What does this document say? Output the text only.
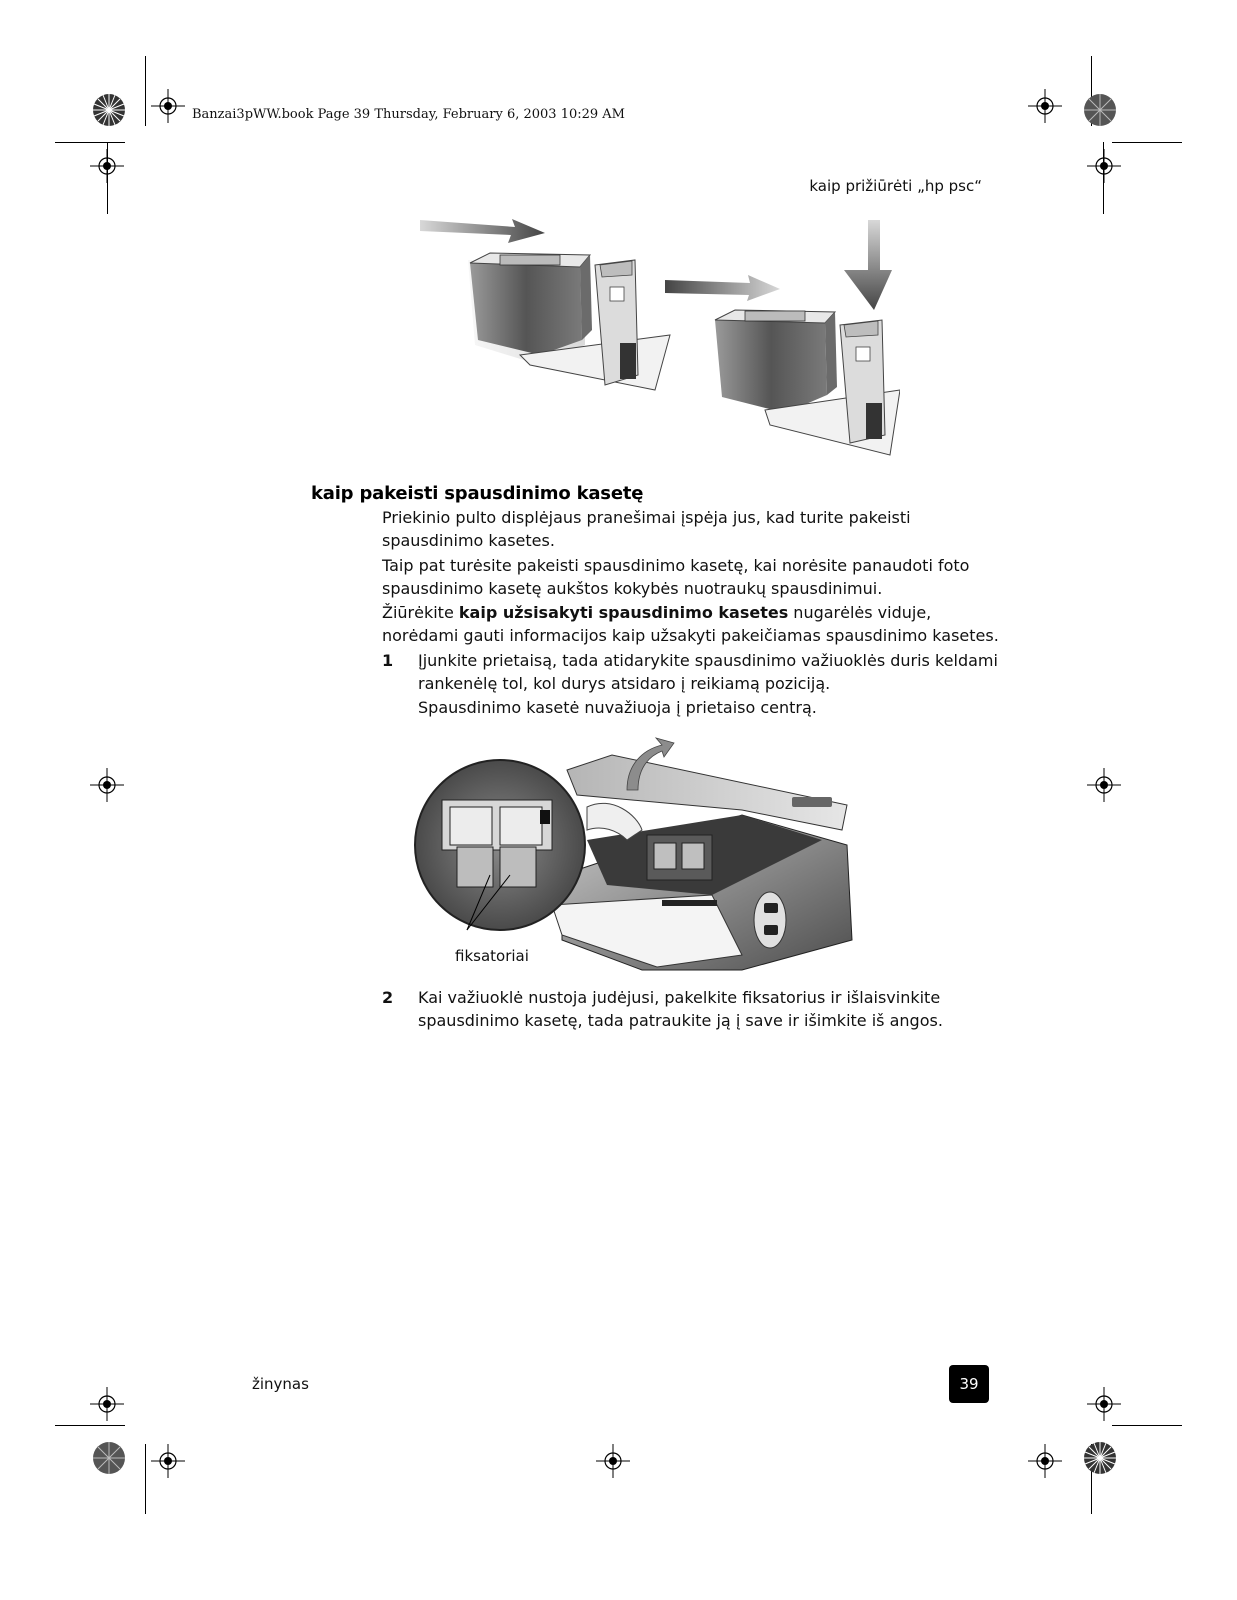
Banzai3pWW.book Page 39 Thursday, February 6, 2003 10:29 AM
kaip prižiūrėti „hp psc“
kaip pakeisti spausdinimo kasetę
Priekinio pulto displėjaus pranešimai įspėja jus, kad turite pakeisti spausdinimo kasetes.
Taip pat turėsite pakeisti spausdinimo kasetę, kai norėsite panaudoti foto spausdinimo kasetę aukštos kokybės nuotraukų spausdinimui.
Žiūrėkite kaip užsisakyti spausdinimo kasetes nugarėlės viduje, norėdami gauti informacijos kaip užsakyti pakeičiamas spausdinimo kasetes.
1 Įjunkite prietaisą, tada atidarykite spausdinimo važiuoklės duris keldami rankenėlę tol, kol durys atsidaro į reikiamą poziciją.
Spausdinimo kasetė nuvažiuoja į prietaiso centrą.
fiksatoriai
2 Kai važiuoklė nustoja judėjusi, pakelkite fiksatorius ir išlaisvinkite spausdinimo kasetę, tada patraukite ją į save ir išimkite iš angos.
žinynas	39
